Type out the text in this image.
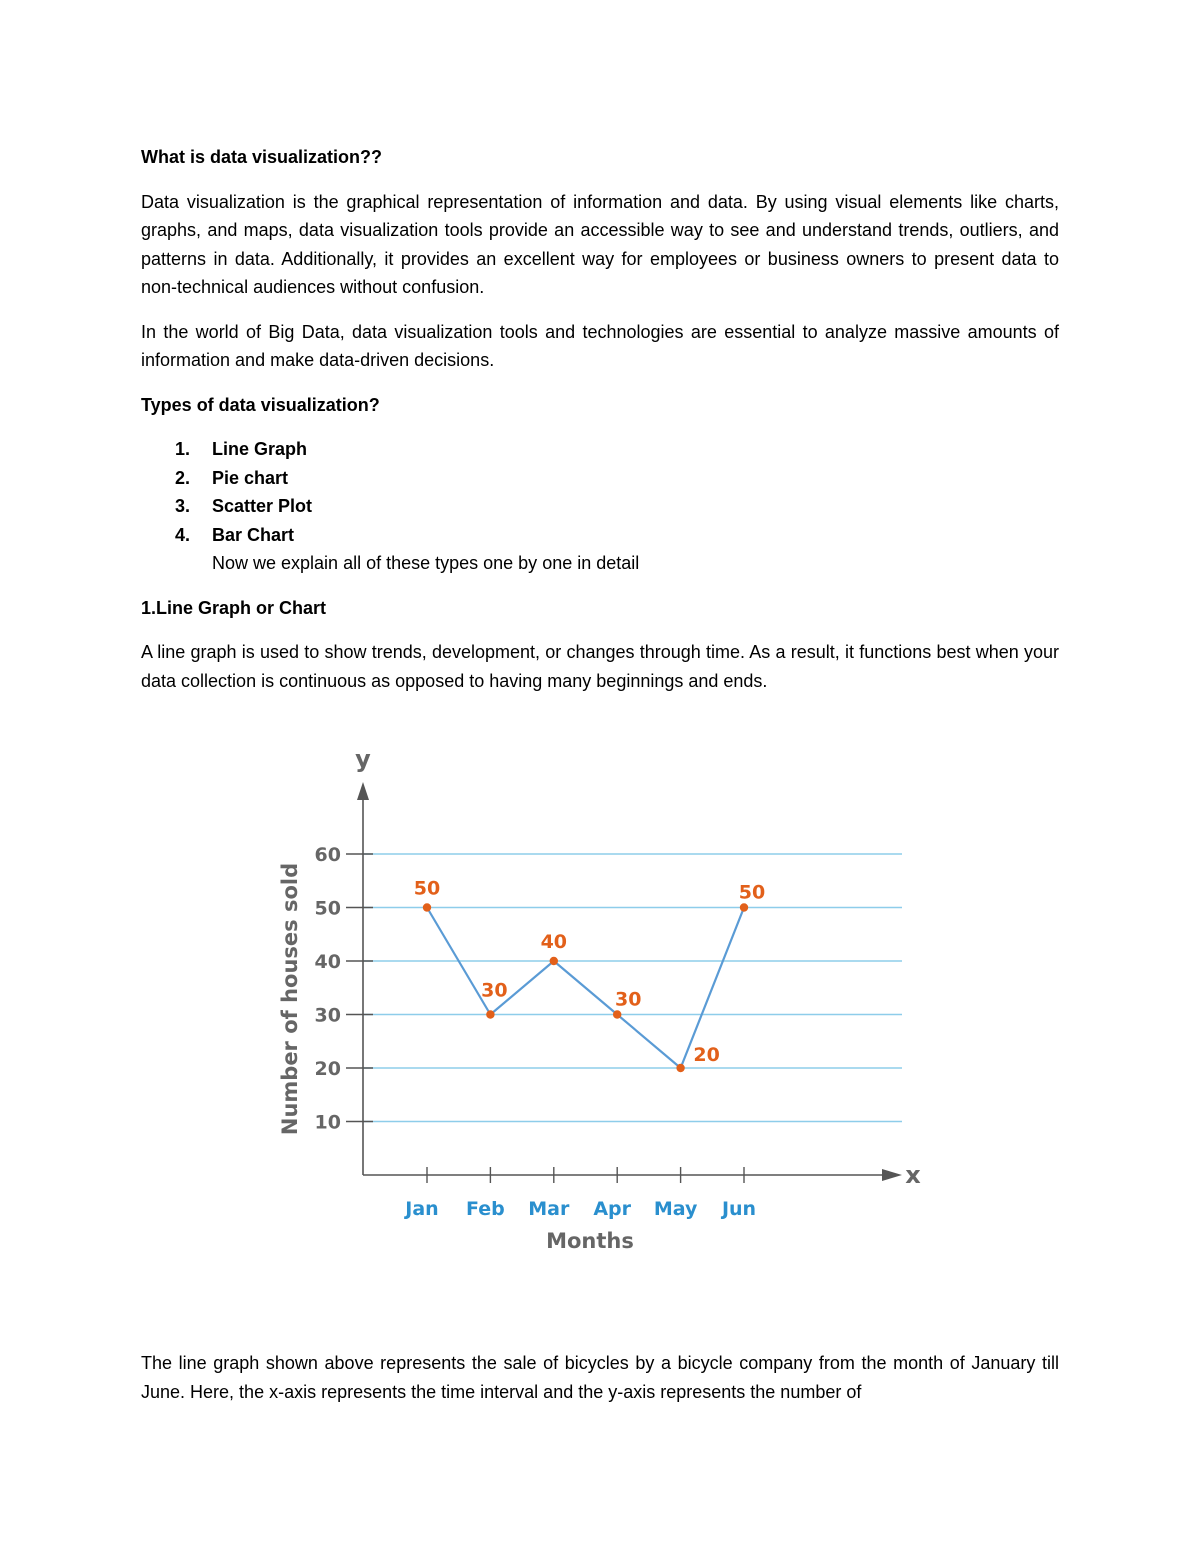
What is data visualization??

Data visualization is the graphical representation of information and data. By using visual elements like charts, graphs, and maps, data visualization tools provide an accessible way to see and understand trends, outliers, and patterns in data. Additionally, it provides an excellent way for employees or business owners to present data to non-technical audiences without confusion.

In the world of Big Data, data visualization tools and technologies are essential to analyze massive amounts of information and make data-driven decisions.

Types of data visualization?

1. Line Graph
2. Pie chart
3. Scatter Plot
4. Bar Chart
Now we explain all of these types one by one in detail

1.Line Graph or Chart

A line graph is used to show trends, development, or changes through time. As a result, it functions best when your data collection is continuous as opposed to having many beginnings and ends.

10
20
30
40
50
60
y
x
Jan Feb Mar Apr May Jun
Months
Number of houses sold	50
30
40
30
20
50

The line graph shown above represents the sale of bicycles by a bicycle company from the month of January till June. Here, the x-axis represents the time interval and the y-axis represents the number of
